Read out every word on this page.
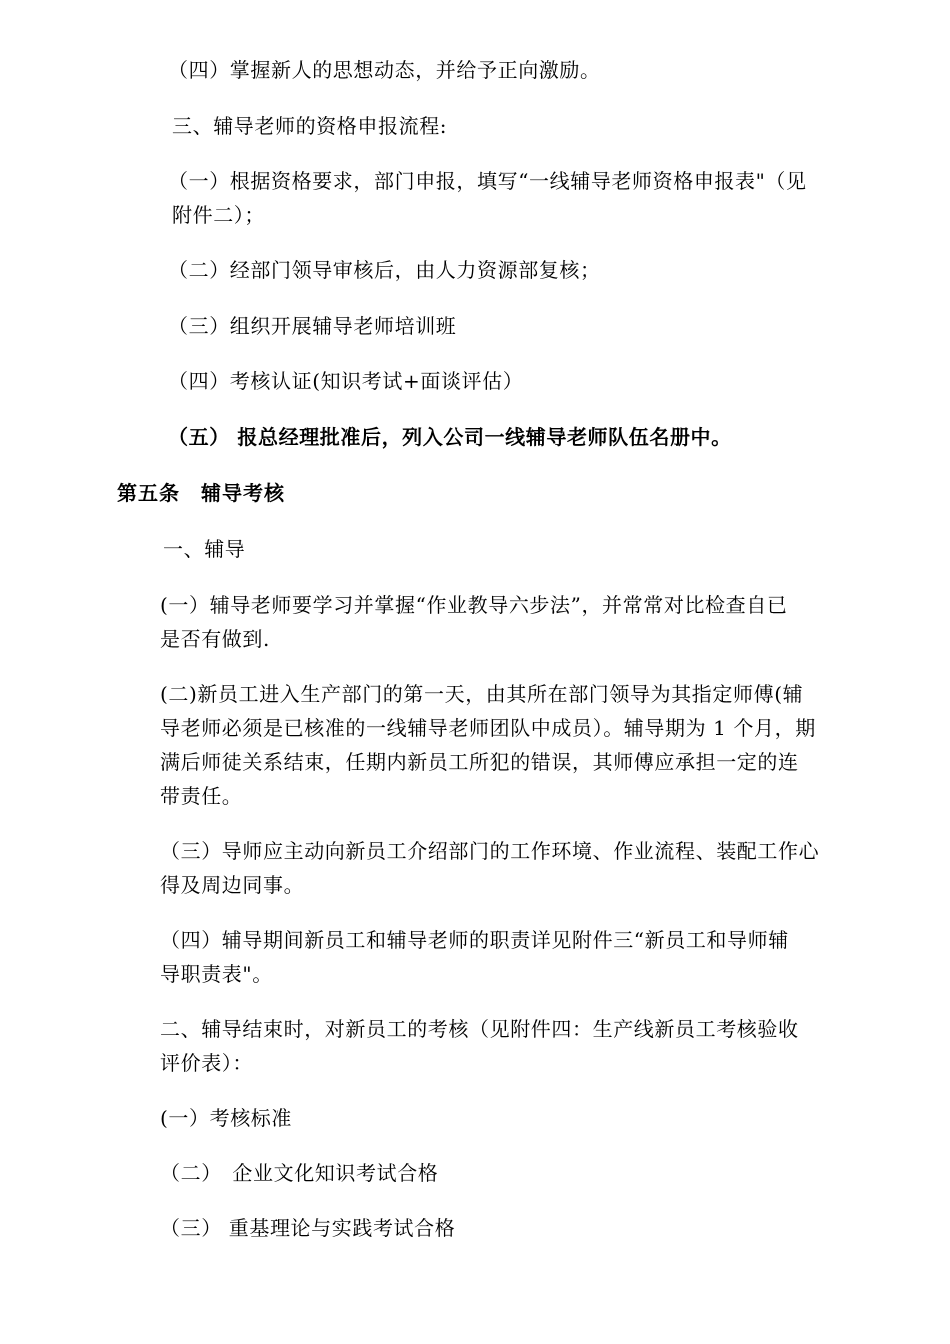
（四）掌握新人的思想动态，并给予正向激励。
三、辅导老师的资格申报流程:
（一）根据资格要求，部门申报，填写“一线辅导老师资格申报表"（见
附件二）；
（二）经部门领导审核后，由人力资源部复核；
（三）组织开展辅导老师培训班
（四）考核认证(知识考试+面谈评估）
（五） 报总经理批准后，列入公司一线辅导老师队伍名册中。
第五条　辅导考核
一、辅导
(一）辅导老师要学习并掌握“作业教导六步法”，并常常对比检查自已
是否有做到.
(二)新员工进入生产部门的第一天，由其所在部门领导为其指定师傅(辅
导老师必须是已核准的一线辅导老师团队中成员）。辅导期为 1 个月，期
满后师徒关系结束，任期内新员工所犯的错误，其师傅应承担一定的连
带责任。
（三）导师应主动向新员工介绍部门的工作环境、作业流程、装配工作心
得及周边同事。
（四）辅导期间新员工和辅导老师的职责详见附件三“新员工和导师辅
导职责表"。
二、辅导结束时，对新员工的考核（见附件四：生产线新员工考核验收
评价表）：
(一）考核标准
（二）　企业文化知识考试合格
（三） 重基理论与实践考试合格
